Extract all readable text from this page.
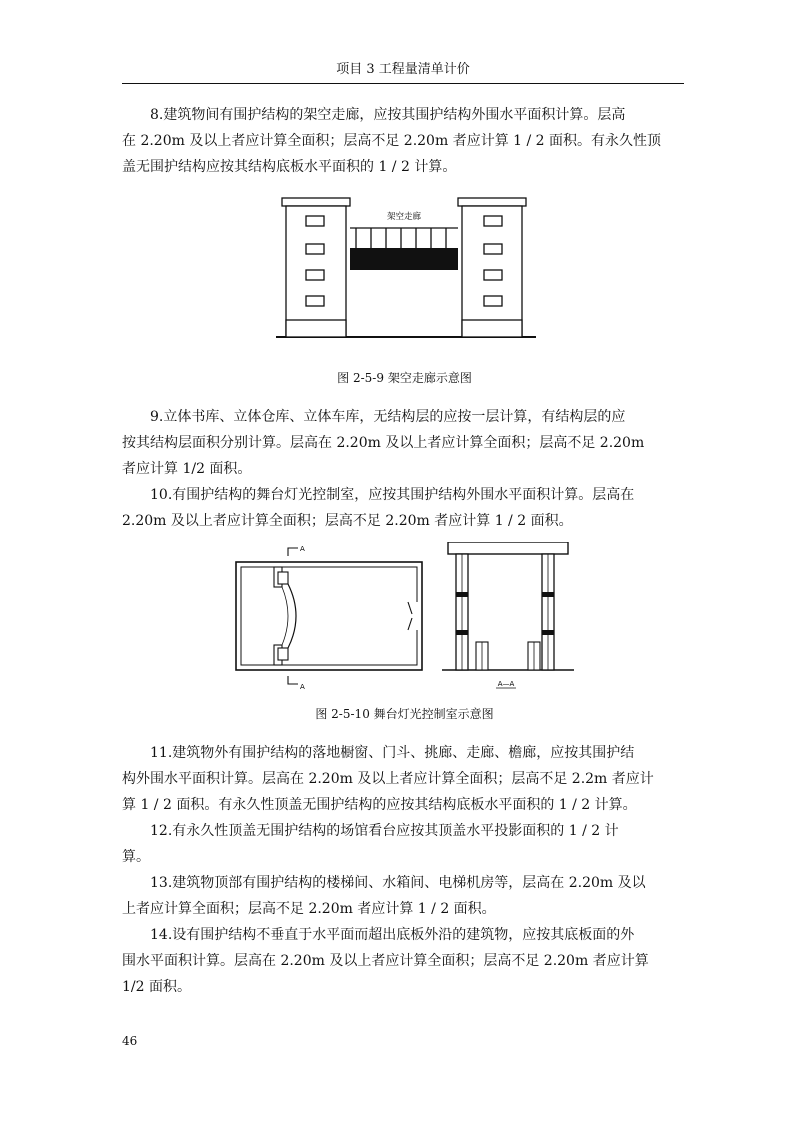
项目 3 工程量清单计价
8.建筑物间有围护结构的架空走廊，应按其围护结构外围水平面积计算。层高
在 2.20m 及以上者应计算全面积；层高不足 2.20m 者应计算 1 / 2 面积。有永久性顶
盖无围护结构应按其结构底板水平面积的 1 / 2 计算。
架空走廊
图 2-5-9 架空走廊示意图
9.立体书库、立体仓库、立体车库，无结构层的应按一层计算，有结构层的应
按其结构层面积分别计算。层高在 2.20m 及以上者应计算全面积；层高不足 2.20m
者应计算 1/2 面积。
10.有围护结构的舞台灯光控制室，应按其围护结构外围水平面积计算。层高在
2.20m 及以上者应计算全面积；层高不足 2.20m 者应计算 1 / 2 面积。
A
A	A—A
图 2-5-10 舞台灯光控制室示意图
11.建筑物外有围护结构的落地橱窗、门斗、挑廊、走廊、檐廊，应按其围护结
构外围水平面积计算。层高在 2.20m 及以上者应计算全面积；层高不足 2.2m 者应计
算 1 / 2 面积。有永久性顶盖无围护结构的应按其结构底板水平面积的 1 / 2 计算。
12.有永久性顶盖无围护结构的场馆看台应按其顶盖水平投影面积的 1 / 2 计
算。
13.建筑物顶部有围护结构的楼梯间、水箱间、电梯机房等，层高在 2.20m 及以
上者应计算全面积；层高不足 2.20m 者应计算 1 / 2 面积。
14.设有围护结构不垂直于水平面而超出底板外沿的建筑物，应按其底板面的外
围水平面积计算。层高在 2.20m 及以上者应计算全面积；层高不足 2.20m 者应计算
1/2 面积。
46
